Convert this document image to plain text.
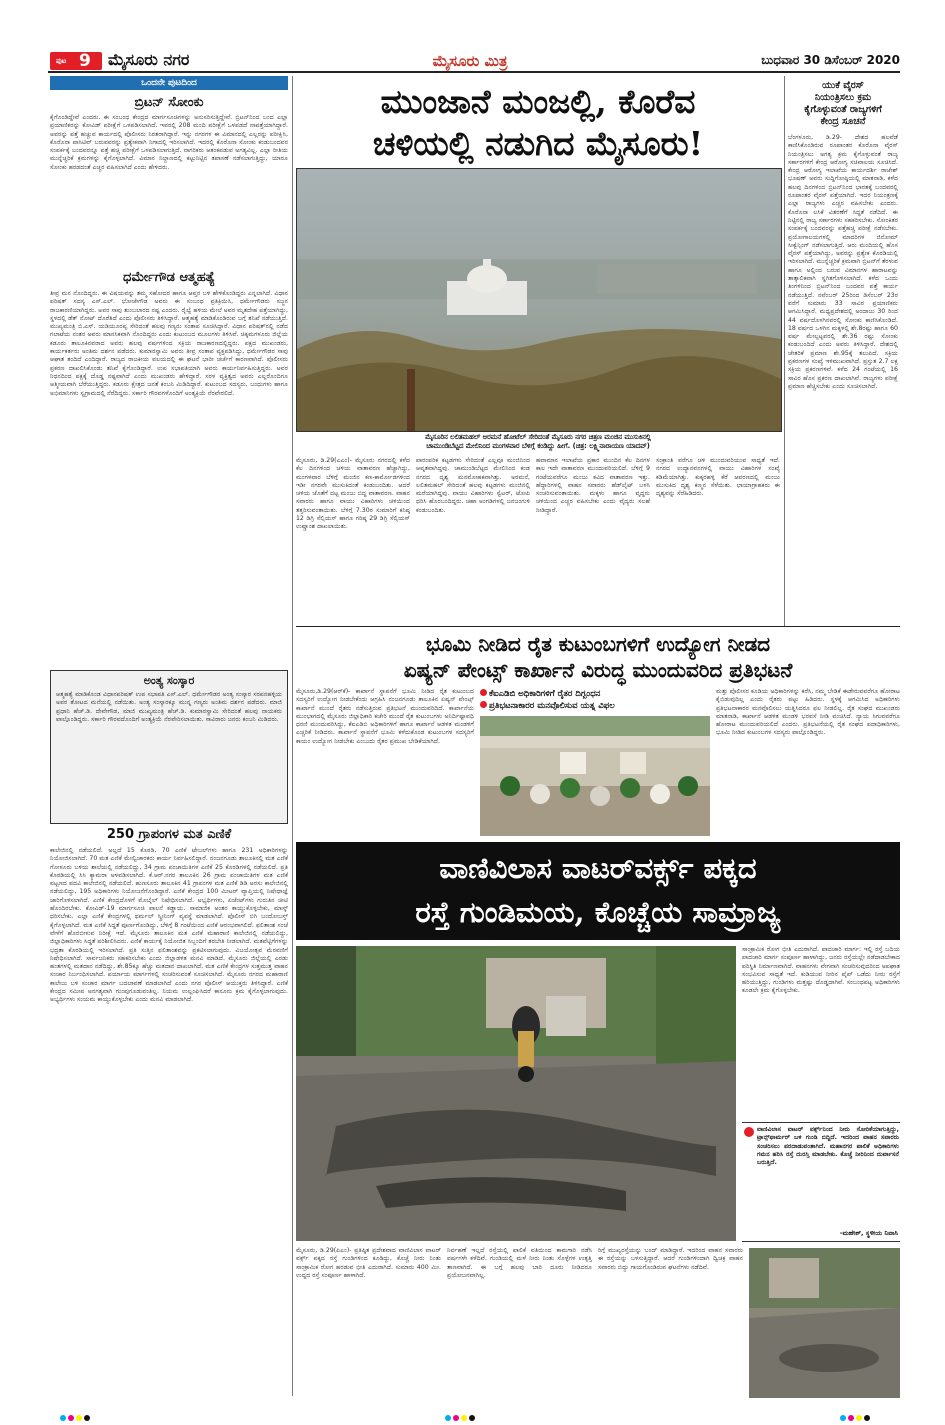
ಪುಟ 9 ಮೈಸೂರು ನಗರ	ಮೈಸೂರು ಮಿತ್ರ	ಬುಧವಾರ 30 ಡಿಸೆಂಬರ್ 2020
ಒಂದನೇ ಪುಟದಿಂದ
ಬ್ರಿಟನ್ ಸೋಂಕು
ಕೈಗೊಂಡಿದ್ದೇವೆ ಎಂದರು. ಈ ಸಂಬಂಧ ಕೇಂದ್ರದ ಮಾರ್ಗಸೂಚಿಗಳನ್ನು ಅನುಸರಿಸುತ್ತಿದ್ದೇವೆ. ಬ್ರಿಟನ್‌ನಿಂದ ಬಂದ ಎಲ್ಲಾ ಪ್ರಯಾಣಿಕರನ್ನು ಕೋವಿಡ್ ಪರೀಕ್ಷೆಗೆ ಒಳಪಡಿಸಲಾಗಿದೆ. ಇವರಲ್ಲಿ 208 ಮಂದಿ ಪರೀಕ್ಷೆಗೆ ಒಳಪಡದೆ ನಾಪತ್ತೆಯಾಗಿದ್ದಾರೆ. ಅವರನ್ನು ಪತ್ತೆ ಹಚ್ಚುವ ಕಾರ್ಯದಲ್ಲಿ ಪೊಲೀಸರು ನಿರತರಾಗಿದ್ದಾರೆ. ಇನ್ನು ನಗರಗಳ ಈ ವಿಮಾನದಲ್ಲಿ ಎಲ್ಲರನ್ನು ಪರೀಕ್ಷಿಸಿ, ಕೊರೊನಾ ಪಾಸಿಟಿವ್ ಬರುವವರನ್ನು ಪ್ರತ್ಯೇಕವಾಗಿ ನಿಗಾದಲ್ಲಿ ಇರಿಸಲಾಗಿದೆ. ಇದರಲ್ಲಿ ಕೊರೊನಾ ಸೋಂಕು ಕಂಡುಬಂದವರ ಸಂಪರ್ಕಕ್ಕೆ ಬಂದವರನ್ನೂ ಪತ್ತೆ ಹಚ್ಚಿ ಪರೀಕ್ಷೆಗೆ ಒಳಪಡಿಸಲಾಗುತ್ತಿದೆ. ನಾಗರಿಕರು ಆತಂಕಪಡುವ ಅಗತ್ಯವಿಲ್ಲ. ಎಲ್ಲಾ ರೀತಿಯ ಮುನ್ನೆಚ್ಚರಿಕೆ ಕ್ರಮಗಳನ್ನು ಕೈಗೊಳ್ಳಲಾಗಿದೆ. ವಿಮಾನ ನಿಲ್ದಾಣದಲ್ಲಿ ಕಟ್ಟುನಿಟ್ಟಿನ ತಪಾಸಣೆ ನಡೆಸಲಾಗುತ್ತಿದ್ದು, ಯಾರೂ ಸೋಂಕು ಹರಡದಂತೆ ಎಚ್ಚರ ವಹಿಸಲಾಗಿದೆ ಎಂದು ಹೇಳಿದರು.
ಧರ್ಮೇಗೌಡ ಆತ್ಮಹತ್ಯೆ
ತೀವ್ರ ಮನ ನೊಂದಿದ್ದರು. ಈ ವಿಷಯವನ್ನು ತಮ್ಮ ಸಹೋದರ ಹಾಗೂ ಆಪ್ತರ ಬಳಿ ಹೇಳಿಕೊಂಡಿದ್ದರು ಎನ್ನಲಾಗಿದೆ. ವಿಧಾನ ಪರಿಷತ್ ಸದಸ್ಯ ಎಸ್.ಎಲ್. ಭೋಜೇಗೌಡ ಅವರು ಈ ಸಂಬಂಧ ಪ್ರತಿಕ್ರಿಯಿಸಿ, ಧರ್ಮೇಗೌಡರು ಸಜ್ಜನ ರಾಜಕಾರಣಿಯಾಗಿದ್ದರು. ಅವರ ಸಾವು ತುಂಬಲಾರದ ನಷ್ಟ ಎಂದರು. ರೈಲ್ವೆ ಹಳಿಯ ಮೇಲೆ ಅವರ ಮೃತದೇಹ ಪತ್ತೆಯಾಗಿದ್ದು, ಸ್ಥಳದಲ್ಲಿ ಡೆತ್ ನೋಟ್ ದೊರೆತಿದೆ ಎಂದು ಪೊಲೀಸರು ತಿಳಿಸಿದ್ದಾರೆ. ಆತ್ಮಹತ್ಯೆ ಮಾಡಿಕೊಂಡಿರುವ ಬಗ್ಗೆ ತನಿಖೆ ನಡೆಯುತ್ತಿದೆ. ಮುಖ್ಯಮಂತ್ರಿ ಬಿ.ಎಸ್. ಯಡಿಯೂರಪ್ಪ ಸೇರಿದಂತೆ ಹಲವು ಗಣ್ಯರು ಸಂತಾಪ ಸೂಚಿಸಿದ್ದಾರೆ. ವಿಧಾನ ಪರಿಷತ್‌ನಲ್ಲಿ ನಡೆದ ಗಲಾಟೆಯ ನಂತರ ಅವರು ಮಾನಸಿಕವಾಗಿ ನೊಂದಿದ್ದರು ಎಂದು ಕುಟುಂಬದ ಮೂಲಗಳು ತಿಳಿಸಿವೆ. ಚಿಕ್ಕಮಗಳೂರು ಜಿಲ್ಲೆಯ ಕಡೂರು ತಾಲೂಕಿನವರಾದ ಅವರು ಹಲವು ವರ್ಷಗಳಿಂದ ಸಕ್ರಿಯ ರಾಜಕಾರಣದಲ್ಲಿದ್ದರು. ಪಕ್ಷದ ಮುಖಂಡರು, ಕಾರ್ಯಕರ್ತರು ಅಂತಿಮ ದರ್ಶನ ಪಡೆದರು. ಕುಮಾರಸ್ವಾಮಿ ಅವರು ತೀವ್ರ ಸಂತಾಪ ವ್ಯಕ್ತಪಡಿಸಿದ್ದು, ಧರ್ಮೇಗೌಡರ ಸಾವು ಆಘಾತ ತಂದಿದೆ ಎಂದಿದ್ದಾರೆ. ರಾಜ್ಯದ ರಾಜಕೀಯ ವಲಯದಲ್ಲಿ ಈ ಘಟನೆ ಭಾರೀ ಚರ್ಚೆಗೆ ಕಾರಣವಾಗಿದೆ. ಪೊಲೀಸರು ಪ್ರಕರಣ ದಾಖಲಿಸಿಕೊಂಡು ತನಿಖೆ ಕೈಗೊಂಡಿದ್ದಾರೆ. ಉಪ ಸಭಾಪತಿಯಾಗಿ ಅವರು ಕಾರ್ಯನಿರ್ವಹಿಸುತ್ತಿದ್ದರು. ಅವರ ನಿಧನದಿಂದ ಪಕ್ಷಕ್ಕೆ ದೊಡ್ಡ ನಷ್ಟವಾಗಿದೆ ಎಂದು ಮುಖಂಡರು ಹೇಳಿದ್ದಾರೆ. ಸರಳ ವ್ಯಕ್ತಿತ್ವದ ಅವರು ಎಲ್ಲರೊಂದಿಗೂ ಆತ್ಮೀಯವಾಗಿ ಬೆರೆಯುತ್ತಿದ್ದರು. ಕಡೂರು ಕ್ಷೇತ್ರದ ಜನತೆ ಕಂಬನಿ ಮಿಡಿದಿದ್ದಾರೆ. ಕುಟುಂಬದ ಸದಸ್ಯರು, ಬಂಧುಗಳು ಹಾಗೂ ಅಭಿಮಾನಿಗಳು ಸ್ವಗ್ರಾಮದಲ್ಲಿ ನೆರೆದಿದ್ದರು. ಸರ್ಕಾರಿ ಗೌರವಗಳೊಂದಿಗೆ ಅಂತ್ಯಕ್ರಿಯೆ ನೆರವೇರಲಿದೆ.
ಅಂತ್ಯ ಸಂಸ್ಕಾರ
ಆತ್ಮಹತ್ಯೆ ಮಾಡಿಕೊಂಡ ವಿಧಾನಪರಿಷತ್ ಉಪ ಸಭಾಪತಿ ಎಸ್.ಎಲ್. ಧರ್ಮೇಗೌಡರ ಅಂತ್ಯ ಸಂಸ್ಕಾರ ಸರಪನಹಳ್ಳಿಯ ಅವರ ತೋಟದ ಮನೆಯಲ್ಲಿ ನಡೆಯಿತು. ಅಂತ್ಯ ಸಂಸ್ಕಾರಕ್ಕೂ ಮುನ್ನ ಗಣ್ಯರು ಅಂತಿಮ ದರ್ಶನ ಪಡೆದರು. ಮಾಜಿ ಪ್ರಧಾನಿ ಹೆಚ್.ಡಿ. ದೇವೇಗೌಡ, ಮಾಜಿ ಮುಖ್ಯಮಂತ್ರಿ ಹೆಚ್.ಡಿ. ಕುಮಾರಸ್ವಾಮಿ ಸೇರಿದಂತೆ ಹಲವು ನಾಯಕರು ಪಾಲ್ಗೊಂಡಿದ್ದರು. ಸರ್ಕಾರಿ ಗೌರವದೊಂದಿಗೆ ಅಂತ್ಯಕ್ರಿಯೆ ನೆರವೇರಿಸಲಾಯಿತು. ಸಾವಿರಾರು ಜನರು ಕಂಬನಿ ಮಿಡಿದರು.
250 ಗ್ರಾಪಂಗಳ ಮತ ಎಣಿಕೆ
ಕಾಲೇಜಿನಲ್ಲಿ ನಡೆಯಲಿದೆ. ಅಲ್ಲದೆ 15 ಕೊಠಡಿ, 70 ಎಣಿಕೆ ಟೇಬಲ್‌ಗಳು ಹಾಗೂ 231 ಅಧಿಕಾರಿಗಳನ್ನು ನಿಯೋಜಿಸಲಾಗಿದೆ. 70 ಮತ ಎಣಿಕೆ ಮೇಲ್ವಿಚಾರಕರು ಕಾರ್ಯ ನಿರ್ವಹಿಸಲಿದ್ದಾರೆ. ನಂಜನಗೂಡು ತಾಲೂಕಿನಲ್ಲಿ ಮತ ಎಣಿಕೆ ಗೋಳೂರು ಬಳಿಯ ಶಾಲೆಯಲ್ಲಿ ನಡೆಯಲಿದ್ದು, 34 ಗ್ರಾಮ ಪಂಚಾಯಿತಿಗಳ ಎಣಿಕೆ 25 ಕೊಠಡಿಗಳಲ್ಲಿ ನಡೆಯಲಿದೆ. ಪ್ರತಿ ಕೊಠಡಿಯಲ್ಲಿ ಸಿಸಿ ಕ್ಯಾಮರಾ ಅಳವಡಿಸಲಾಗಿದೆ. ಕೆ.ಆರ್.ನಗರ ತಾಲೂಕಿನ 26 ಗ್ರಾಮ ಪಂಚಾಯಿತಿಗಳ ಮತ ಎಣಿಕೆ ಪಟ್ಟಣದ ಪದವಿ ಕಾಲೇಜಿನಲ್ಲಿ ನಡೆಯಲಿದೆ. ಹುಣಸೂರು ತಾಲೂಕಿನ 41 ಗ್ರಾಪಂಗಳ ಮತ ಎಣಿಕೆ ಡಿಡಿ ಅರಸು ಕಾಲೇಜಿನಲ್ಲಿ ನಡೆಯಲಿದ್ದು, 195 ಅಧಿಕಾರಿಗಳು ನಿಯೋಜನೆಗೊಂಡಿದ್ದಾರೆ. ಎಣಿಕೆ ಕೇಂದ್ರದ 100 ಮೀಟರ್ ವ್ಯಾಪ್ತಿಯಲ್ಲಿ ನಿಷೇಧಾಜ್ಞೆ ಜಾರಿಗೊಳಿಸಲಾಗಿದೆ. ಎಣಿಕೆ ಕೇಂದ್ರದೊಳಗೆ ಮೊಬೈಲ್ ನಿಷೇಧಿಸಲಾಗಿದೆ. ಅಭ್ಯರ್ಥಿಗಳು, ಏಜೆಂಟ್‌ಗಳು ಗುರುತಿನ ಚೀಟಿ ಹೊಂದಿರಬೇಕು. ಕೋವಿಡ್-19 ಮಾರ್ಗಸೂಚಿ ಪಾಲನೆ ಕಡ್ಡಾಯ. ಸಾಮಾಜಿಕ ಅಂತರ ಕಾಯ್ದುಕೊಳ್ಳಬೇಕು, ಮಾಸ್ಕ್ ಧರಿಸಬೇಕು. ಎಲ್ಲಾ ಎಣಿಕೆ ಕೇಂದ್ರಗಳಲ್ಲಿ ಥರ್ಮಲ್ ಸ್ಕ್ರೀನಿಂಗ್ ವ್ಯವಸ್ಥೆ ಮಾಡಲಾಗಿದೆ. ಪೊಲೀಸ್ ಬಿಗಿ ಬಂದೋಬಸ್ತ್ ಕೈಗೊಳ್ಳಲಾಗಿದೆ. ಮತ ಎಣಿಕೆ ಸಿದ್ಧತೆ ಪೂರ್ಣಗೊಂಡಿದ್ದು, ಬೆಳಿಗ್ಗೆ 8 ಗಂಟೆಯಿಂದ ಎಣಿಕೆ ಆರಂಭವಾಗಲಿದೆ. ಫಲಿತಾಂಶ ಸಂಜೆ ವೇಳೆಗೆ ಹೊರಬೀಳುವ ನಿರೀಕ್ಷೆ ಇದೆ. ಮೈಸೂರು ತಾಲೂಕಿನ ಮತ ಎಣಿಕೆ ಮಹಾರಾಣಿ ಕಾಲೇಜಿನಲ್ಲಿ ನಡೆಯಲಿದ್ದು, ಜಿಲ್ಲಾಧಿಕಾರಿಗಳು ಸಿದ್ಧತೆ ಪರಿಶೀಲಿಸಿದರು. ಎಣಿಕೆ ಕಾರ್ಯಕ್ಕೆ ನಿಯೋಜಿತ ಸಿಬ್ಬಂದಿಗೆ ತರಬೇತಿ ನೀಡಲಾಗಿದೆ. ಮತಪೆಟ್ಟಿಗೆಗಳನ್ನು ಭದ್ರತಾ ಕೊಠಡಿಯಲ್ಲಿ ಇರಿಸಲಾಗಿದೆ. ಪ್ರತಿ ಸುತ್ತಿನ ಫಲಿತಾಂಶವನ್ನು ಪ್ರಕಟಿಸಲಾಗುವುದು. ವಿಜಯೋತ್ಸವ ಮೆರವಣಿಗೆ ನಿಷೇಧಿಸಲಾಗಿದೆ. ಸಾರ್ವಜನಿಕರು ಸಹಕರಿಸಬೇಕು ಎಂದು ಜಿಲ್ಲಾಡಳಿತ ಮನವಿ ಮಾಡಿದೆ. ಮೈಸೂರು ಜಿಲ್ಲೆಯಲ್ಲಿ ಎರಡು ಹಂತಗಳಲ್ಲಿ ಮತದಾನ ನಡೆದಿದ್ದು, ಶೇ.85ಕ್ಕೂ ಹೆಚ್ಚು ಮತದಾನ ದಾಖಲಾಗಿದೆ. ಮತ ಎಣಿಕೆ ಕೇಂದ್ರಗಳ ಸುತ್ತಮುತ್ತ ವಾಹನ ಸಂಚಾರ ನಿರ್ಬಂಧಿಸಲಾಗಿದೆ. ಪರ್ಯಾಯ ಮಾರ್ಗಗಳಲ್ಲಿ ಸಂಚರಿಸುವಂತೆ ಸೂಚಿಸಲಾಗಿದೆ. ಮೈಸೂರು ನಗರದ ಮಹಾರಾಣಿ ಕಾಲೇಜು ಬಳಿ ಸಂಚಾರ ಮಾರ್ಗ ಬದಲಾವಣೆ ಮಾಡಲಾಗಿದೆ ಎಂದು ನಗರ ಪೊಲೀಸ್ ಆಯುಕ್ತರು ತಿಳಿಸಿದ್ದಾರೆ. ಎಣಿಕೆ ಕೇಂದ್ರದ ಸಮೀಪ ಅನಗತ್ಯವಾಗಿ ಗುಂಪುಗೂಡುವಂತಿಲ್ಲ. ನಿಯಮ ಉಲ್ಲಂಘಿಸಿದರೆ ಕಾನೂನು ಕ್ರಮ ಕೈಗೊಳ್ಳಲಾಗುವುದು. ಅಭ್ಯರ್ಥಿಗಳು ಸಂಯಮ ಕಾಯ್ದುಕೊಳ್ಳಬೇಕು ಎಂದು ಮನವಿ ಮಾಡಲಾಗಿದೆ.
ಮುಂಜಾನೆ ಮಂಜಲ್ಲಿ, ಕೊರೆವ
ಚಳಿಯಲ್ಲಿ ನಡುಗಿದ ಮೈಸೂರು!
ಮೈಸೂರಿನ ಲಲಿತಮಹಲ್ ಅರಮನೆ ಹೋಟೆಲ್ ಸೇರಿದಂತೆ ಮೈಸೂರು ನಗರ ಚಿತ್ರಣ ಮಂಜಿನ ಮುಸುಕಿನಲ್ಲಿ
ಚಾಮುಂಡಿಬೆಟ್ಟದ ಮೇಲಿನಿಂದ ಮಂಗಳವಾರ ಬೆಳಿಗ್ಗೆ ಕಂಡಿದ್ದು ಹೀಗೆ. (ಚಿತ್ರ: ಲಕ್ಷ್ಮಿನಾರಾಯಣ ಯಾದವ್)
ಮೈಸೂರು, ಡಿ.29(ಎಎಂ)- ಮೈಸೂರು ನಗರದಲ್ಲಿ ಕಳೆದ ಕೆಲ ದಿನಗಳಿಂದ ಚಳಿಯ ವಾತಾವರಣ ಹೆಚ್ಚಾಗಿದ್ದು, ಮಂಗಳವಾರ ಬೆಳಿಗ್ಗೆ ಮಂಜಿನ ಕಣ-ಕಾರ್ಮೋಡಗಳಿಂದ ಇಡೀ ನಗರವೇ ಮುಸುಕಿದಂತೆ ಕಂಡುಬಂದಿತು. ಆದರೆ ಚಳಿಯ ಜೊತೆಗೆ ದಟ್ಟ ಮಂಜು ಬಿದ್ದ ವಾತಾವರಣ. ವಾಹನ ಸವಾರರು ಹಾಗೂ ವಾಯು ವಿಹಾರಿಗಳು ಚಳಿಯಿಂದ ತತ್ತರಿಸುವಂತಾಯಿತು. ಬೆಳಿಗ್ಗೆ 7.30ರ ಸುಮಾರಿಗೆ ಕನಿಷ್ಠ 12 ಡಿಗ್ರಿ ಸೆಲ್ಸಿಯಸ್ ಹಾಗೂ ಗರಿಷ್ಠ 29 ಡಿಗ್ರಿ ಸೆಲ್ಸಿಯಸ್ ಉಷ್ಣಾಂಶ ದಾಖಲಾಯಿತು.
ಪಾರಂಪರಿಕ ಕಟ್ಟಡಗಳು ಸೇರಿದಂತೆ ಎಲ್ಲವೂ ಮಂಜಿನಿಂದ ಆವೃತವಾಗಿದ್ದವು. ಚಾಮುಂಡಿಬೆಟ್ಟದ ಮೇಲಿನಿಂದ ಕಂಡ ನಗರದ ದೃಶ್ಯ ಮನಮೋಹಕವಾಗಿತ್ತು. ಅರಮನೆ, ಲಲಿತಮಹಲ್ ಸೇರಿದಂತೆ ಹಲವು ಕಟ್ಟಡಗಳು ಮಂಜಿನಲ್ಲಿ ಮರೆಯಾಗಿದ್ದವು. ವಾಯು ವಿಹಾರಿಗಳು ಸ್ವೆಟರ್, ಟೋಪಿ ಧರಿಸಿ ಹೊರಬಂದಿದ್ದರು. ಚಹಾ ಅಂಗಡಿಗಳಲ್ಲಿ ಜನಜಂಗುಳಿ ಕಂಡುಬಂದಿತು.
ಹವಾಮಾನ ಇಲಾಖೆಯ ಪ್ರಕಾರ ಮುಂದಿನ ಕೆಲ ದಿನಗಳ ಕಾಲ ಇದೇ ವಾತಾವರಣ ಮುಂದುವರಿಯಲಿದೆ. ಬೆಳಿಗ್ಗೆ 9 ಗಂಟೆಯವರೆಗೂ ಮಂಜು ಕವಿದ ವಾತಾವರಣ ಇತ್ತು. ಹೆದ್ದಾರಿಗಳಲ್ಲಿ ವಾಹನ ಸವಾರರು ಹೆಡ್‌ಲೈಟ್ ಬಳಸಿ ಸಂಚರಿಸುವಂತಾಯಿತು. ಮಕ್ಕಳು ಹಾಗೂ ವೃದ್ಧರು ಚಳಿಯಿಂದ ಎಚ್ಚರ ವಹಿಸಬೇಕು ಎಂದು ವೈದ್ಯರು ಸಲಹೆ ನೀಡಿದ್ದಾರೆ.
ಸಂಕ್ರಾಂತಿ ವರೆಗೂ ಚಳಿ ಮುಂದುವರಿಯುವ ಸಾಧ್ಯತೆ ಇದೆ. ನಗರದ ಉದ್ಯಾನವನಗಳಲ್ಲಿ ವಾಯು ವಿಹಾರಿಗಳ ಸಂಖ್ಯೆ ಕಡಿಮೆಯಾಗಿತ್ತು. ಕುಕ್ಕರಹಳ್ಳಿ ಕೆರೆ ಆವರಣದಲ್ಲಿ ಮಂಜು ಮುಸುಕಿದ ದೃಶ್ಯ ಕಣ್ಮನ ಸೆಳೆಯಿತು. ಛಾಯಾಗ್ರಾಹಕರು ಈ ದೃಶ್ಯವನ್ನು ಸೆರೆಹಿಡಿದರು.
ಯುಕೆ ವೈರಸ್
ನಿಯಂತ್ರಿಸಲು ಕ್ರಮ
ಕೈಗೊಳ್ಳುವಂತೆ ರಾಜ್ಯಗಳಿಗೆ
ಕೇಂದ್ರ ಸೂಚನೆ
ಬೆಂಗಳೂರು, ಡಿ.29- ದೇಶದ ಹಲವೆಡೆ ಕಾಣಿಸಿಕೊಂಡಿರುವ ರೂಪಾಂತರ ಕೊರೊನಾ ವೈರಸ್ ನಿಯಂತ್ರಿಸಲು ಅಗತ್ಯ ಕ್ರಮ ಕೈಗೊಳ್ಳುವಂತೆ ರಾಜ್ಯ ಸರ್ಕಾರಗಳಿಗೆ ಕೇಂದ್ರ ಆರೋಗ್ಯ ಸಚಿವಾಲಯ ಸೂಚಿಸಿದೆ. ಕೇಂದ್ರ ಆರೋಗ್ಯ ಇಲಾಖೆಯ ಕಾರ್ಯದರ್ಶಿ ರಾಜೇಶ್ ಭೂಷಣ್ ಅವರು ಸುದ್ದಿಗೋಷ್ಠಿಯಲ್ಲಿ ಮಾತನಾಡಿ, ಕಳೆದ ಹಲವು ದಿನಗಳಿಂದ ಬ್ರಿಟನ್‌ನಿಂದ ಭಾರತಕ್ಕೆ ಬಂದವರಲ್ಲಿ ರೂಪಾಂತರ ವೈರಸ್ ಪತ್ತೆಯಾಗಿದೆ. ಇದರ ನಿಯಂತ್ರಣಕ್ಕೆ ಎಲ್ಲಾ ರಾಜ್ಯಗಳು ಎಚ್ಚರ ವಹಿಸಬೇಕು ಎಂದರು. ಕೊರೊನಾ ಲಸಿಕೆ ವಿತರಣೆಗೆ ಸಿದ್ಧತೆ ನಡೆದಿದೆ. ಈ ನಿಟ್ಟಿನಲ್ಲಿ ರಾಜ್ಯ ಸರ್ಕಾರಗಳು ಸಹಕರಿಸಬೇಕು. ಸೋಂಕಿತರ ಸಂಪರ್ಕಕ್ಕೆ ಬಂದವರನ್ನು ಪತ್ತೆಹಚ್ಚಿ ಪರೀಕ್ಷೆ ನಡೆಸಬೇಕು. ಪ್ರಯೋಗಾಲಯಗಳಲ್ಲಿ ಮಾದರಿಗಳ ಜಿನೋಮ್ ಸೀಕ್ವೆನ್ಸಿಂಗ್ ನಡೆಸಲಾಗುತ್ತಿದೆ. ಆರು ಮಂದಿಯಲ್ಲಿ ಹೊಸ ವೈರಸ್ ಪತ್ತೆಯಾಗಿದ್ದು, ಅವರನ್ನು ಪ್ರತ್ಯೇಕ ಕೊಠಡಿಯಲ್ಲಿ ಇರಿಸಲಾಗಿದೆ. ಮುನ್ನೆಚ್ಚರಿಕೆ ಕ್ರಮವಾಗಿ ಬ್ರಿಟನ್‌ಗೆ ತೆರಳುವ ಹಾಗೂ ಅಲ್ಲಿಂದ ಬರುವ ವಿಮಾನಗಳ ಹಾರಾಟವನ್ನು ತಾತ್ಕಾಲಿಕವಾಗಿ ಸ್ಥಗಿತಗೊಳಿಸಲಾಗಿದೆ. ಕಳೆದ ಒಂದು ತಿಂಗಳಿನಿಂದ ಬ್ರಿಟನ್‌ನಿಂದ ಬಂದವರ ಪತ್ತೆ ಕಾರ್ಯ ನಡೆಯುತ್ತಿದೆ. ನವೆಂಬರ್ 25ರಿಂದ ಡಿಸೆಂಬರ್ 23ರ ವರೆಗೆ ಸುಮಾರು 33 ಸಾವಿರ ಪ್ರಯಾಣಿಕರು ಆಗಮಿಸಿದ್ದಾರೆ. ಮಧ್ಯಪ್ರದೇಶದಲ್ಲಿ ಅಂದಾಜು 30 ರಿಂದ 44 ವರ್ಷದೊಳಗಿನವರಲ್ಲಿ ಸೋಂಕು ಕಾಣಿಸಿಕೊಂಡಿದೆ. 18 ವರ್ಷದ ಒಳಗಿನ ಮಕ್ಕಳಲ್ಲಿ ಶೇ.8ರಷ್ಟು ಹಾಗೂ 60 ವರ್ಷ ಮೇಲ್ಪಟ್ಟವರಲ್ಲಿ ಶೇ.36 ರಷ್ಟು ಸೋಂಕು ಕಂಡುಬಂದಿದೆ ಎಂದು ಅವರು ತಿಳಿಸಿದ್ದಾರೆ. ದೇಶದಲ್ಲಿ ಚೇತರಿಕೆ ಪ್ರಮಾಣ ಶೇ.95ಕ್ಕೆ ತಲುಪಿದೆ. ಸಕ್ರಿಯ ಪ್ರಕರಣಗಳ ಸಂಖ್ಯೆ ಇಳಿಮುಖವಾಗಿದೆ. ಪ್ರಸ್ತುತ 2.7 ಲಕ್ಷ ಸಕ್ರಿಯ ಪ್ರಕರಣಗಳಿವೆ. ಕಳೆದ 24 ಗಂಟೆಯಲ್ಲಿ 16 ಸಾವಿರ ಹೊಸ ಪ್ರಕರಣ ದಾಖಲಾಗಿವೆ. ರಾಜ್ಯಗಳು ಪರೀಕ್ಷೆ ಪ್ರಮಾಣ ಹೆಚ್ಚಿಸಬೇಕು ಎಂದು ಸೂಚಿಸಲಾಗಿದೆ.
ಭೂಮಿ ನೀಡಿದ ರೈತ ಕುಟುಂಬಗಳಿಗೆ ಉದ್ಯೋಗ ನೀಡದ
ಏಷ್ಯನ್ ಪೇಂಟ್ಸ್ ಕಾರ್ಖಾನೆ ವಿರುದ್ಧ ಮುಂದುವರಿದ ಪ್ರತಿಭಟನೆ
ಮೈಸೂರು,ಡಿ.29(ಆರ್‌ಕೆ)- ಕಾರ್ಖಾನೆ ಸ್ಥಾಪನೆಗೆ ಭೂಮಿ ನೀಡಿದ ರೈತ ಕುಟುಂಬದ ಸದಸ್ಯರಿಗೆ ಉದ್ಯೋಗ ನೀಡಬೇಕೆಂದು ಆಗ್ರಹಿಸಿ ನಂಜನಗೂಡು ತಾಲೂಕಿನ ಏಷ್ಯನ್ ಪೇಂಟ್ಸ್ ಕಾರ್ಖಾನೆ ಮುಂದೆ ರೈತರು ನಡೆಸುತ್ತಿರುವ ಪ್ರತಿಭಟನೆ ಮುಂದುವರಿದಿದೆ. ಕಾರ್ಖಾನೆಯ ಮುಂಭಾಗದಲ್ಲಿ ಮೈಸೂರು ಜಿಲ್ಲಾಧಿಕಾರಿ ಕಚೇರಿ ಮುಂದೆ ರೈತ ಕುಟುಂಬಗಳು ಅನಿರ್ದಿಷ್ಟಾವಧಿ ಧರಣಿ ಮುಂದುವರಿಸಿದ್ದು, ಕೆಐಎಡಿಬಿ ಅಧಿಕಾರಿಗಳಿಗೆ ಹಾಗೂ ಕಾರ್ಖಾನೆ ಆಡಳಿತ ಮಂಡಳಿಗೆ ಎಚ್ಚರಿಕೆ ನೀಡಿದರು. ಕಾರ್ಖಾನೆ ಸ್ಥಾಪನೆಗೆ ಭೂಮಿ ಕಳೆದುಕೊಂಡ ಕುಟುಂಬಗಳ ಸದಸ್ಯರಿಗೆ ಕಾಯಂ ಉದ್ಯೋಗ ನೀಡಬೇಕು ಎಂಬುದು ರೈತರ ಪ್ರಮುಖ ಬೇಡಿಕೆಯಾಗಿದೆ.
ಕೆಐಎಡಿಬಿ ಅಧಿಕಾರಿಗಳಿಗೆ ರೈತರ ದಿಗ್ಬಂಧನ
ಪ್ರತಿಭಟನಾಕಾರರ ಮನವೊಲಿಸುವ ಯತ್ನ ವಿಫಲ
ಮತ್ತು ಪೊಲೀಸರ ಕೂಡಿಯ ಅಧಿಕಾರಿಗಳನ್ನು ಕರೆಸಿ, ನಮ್ಮ ಬೇಡಿಕೆ ಈಡೇರುವವರೆಗೂ ಹೋರಾಟ ಕೈಬಿಡುವುದಿಲ್ಲ ಎಂದು ರೈತರು ಪಟ್ಟು ಹಿಡಿದರು. ಸ್ಥಳಕ್ಕೆ ಆಗಮಿಸಿದ ಅಧಿಕಾರಿಗಳು ಪ್ರತಿಭಟನಾಕಾರರ ಮನವೊಲಿಸಲು ಯತ್ನಿಸಿದರೂ ಫಲ ನೀಡಲಿಲ್ಲ. ರೈತ ಸಂಘದ ಮುಖಂಡರು ಮಾತನಾಡಿ, ಕಾರ್ಖಾನೆ ಆಡಳಿತ ಮಂಡಳಿ ಭರವಸೆ ನೀಡಿ ವಂಚಿಸಿದೆ. ನ್ಯಾಯ ಸಿಗುವವರೆಗೂ ಹೋರಾಟ ಮುಂದುವರಿಯಲಿದೆ ಎಂದರು. ಪ್ರತಿಭಟನೆಯಲ್ಲಿ ರೈತ ಸಂಘದ ಪದಾಧಿಕಾರಿಗಳು, ಭೂಮಿ ನೀಡಿದ ಕುಟುಂಬಗಳ ಸದಸ್ಯರು ಪಾಲ್ಗೊಂಡಿದ್ದರು.
ವಾಣಿವಿಲಾಸ ವಾಟರ್‌ವರ್ಕ್ಸ್ ಪಕ್ಕದ
ರಸ್ತೆ ಗುಂಡಿಮಯ, ಕೊಚ್ಚೆಯ ಸಾಮ್ರಾಜ್ಯ
ಮೈಸೂರು, ಡಿ.29(ಪಿಎಂ)- ಪ್ರತಿಷ್ಠಿತ ಪ್ರದೇಶವಾದ ವಾಣಿವಿಲಾಸ ವಾಟರ್ ವರ್ಕ್ಸ್ ಪಕ್ಕದ ರಸ್ತೆ ಗುಂಡಿಗಳಿಂದ ಕೂಡಿದ್ದು, ಕೊಚ್ಚೆ ನೀರು ನಿಂತು ಸಾಂಕ್ರಾಮಿಕ ರೋಗ ಹರಡುವ ಭೀತಿ ಎದುರಾಗಿದೆ. ಸುಮಾರು 400 ಮೀ. ಉದ್ದದ ರಸ್ತೆ ಸಂಪೂರ್ಣ ಹಾಳಾಗಿದೆ.
ನಿರ್ವಹಣೆ ಇಲ್ಲದೆ ರಸ್ತೆಯಲ್ಲಿ ಪಾಲಿಕೆ ವತಿಯಿಂದ ಕಾಮಗಾರಿ ನಡೆಸಿ ವರ್ಷಗಳೇ ಕಳೆದಿವೆ. ಗುಂಡಿಯಲ್ಲಿ ಮಳೆ ನೀರು ನಿಂತು ಸೊಳ್ಳೆಗಳ ಉತ್ಪತ್ತಿ ತಾಣವಾಗಿದೆ. ಈ ಬಗ್ಗೆ ಹಲವು ಬಾರಿ ದೂರು ನೀಡಿದರೂ ಪ್ರಯೋಜನವಾಗಿಲ್ಲ.
ರಿಗ್ಗೆ ಮುಖ್ಯರಸ್ತೆಯನ್ನು ಬಂದ್ ಮಾಡಿದ್ದಾರೆ. ಇದರಿಂದ ವಾಹನ ಸವಾರರು ಈ ರಸ್ತೆಯನ್ನು ಬಳಸುತ್ತಿದ್ದಾರೆ. ಆದರೆ ಗುಂಡಿಗಳಿಂದಾಗಿ ದ್ವಿಚಕ್ರ ವಾಹನ ಸವಾರರು ಬಿದ್ದು ಗಾಯಗೊಂಡಿರುವ ಘಟನೆಗಳು ನಡೆದಿವೆ.
ಸಾಂಕ್ರಾಮಿಕ ರೋಗ ಭೀತಿ ಎದುರಾಗಿದೆ. ಪಾದಚಾರಿ ಮಾರ್ಗ: ಇಲ್ಲಿ ರಸ್ತೆ ಬದಿಯ ಪಾದಚಾರಿ ಮಾರ್ಗ ಸಂಪೂರ್ಣ ಹಾಳಾಗಿದ್ದು, ಜನರು ರಸ್ತೆಯಲ್ಲೇ ನಡೆದಾಡಬೇಕಾದ ಪರಿಸ್ಥಿತಿ ನಿರ್ಮಾಣವಾಗಿದೆ. ವಾಹನಗಳು ವೇಗವಾಗಿ ಸಂಚರಿಸುವುದರಿಂದ ಅಪಘಾತ ಸಂಭವಿಸುವ ಸಾಧ್ಯತೆ ಇದೆ. ಕುಡಿಯುವ ನೀರಿನ ಪೈಪ್ ಒಡೆದು ನೀರು ರಸ್ತೆಗೆ ಹರಿಯುತ್ತಿದ್ದು, ಗುಂಡಿಗಳು ಮತ್ತಷ್ಟು ದೊಡ್ಡದಾಗಿವೆ. ಸಂಬಂಧಪಟ್ಟ ಅಧಿಕಾರಿಗಳು ಕೂಡಲೇ ಕ್ರಮ ಕೈಗೊಳ್ಳಬೇಕು.
ವಾಣಿವಿಲಾಸ ವಾಟರ್ ವರ್ಕ್ಸ್‌ನಿಂದ ನೀರು ಸೋರಿಕೆಯಾಗುತ್ತಿದ್ದು, ಟ್ರಾನ್ಸ್‌ಫಾರ್ಮರ್ ಬಳಿ ಗುಂಡಿ ಬಿದ್ದಿದೆ. ಇದರಿಂದ ವಾಹನ ಸವಾರರು ಸಂಚರಿಸಲು ಪರದಾಡುವಂತಾಗಿದೆ. ಮಹಾನಗರ ಪಾಲಿಕೆ ಅಧಿಕಾರಿಗಳು ಗಮನ ಹರಿಸಿ ರಸ್ತೆ ದುರಸ್ತಿ ಮಾಡಬೇಕು. ಕೊಚ್ಚೆ ನೀರಿನಿಂದ ದುರ್ವಾಸನೆ ಬರುತ್ತಿದೆ.
-ಮಹೇಶ್, ಸ್ಥಳೀಯ ನಿವಾಸಿ
